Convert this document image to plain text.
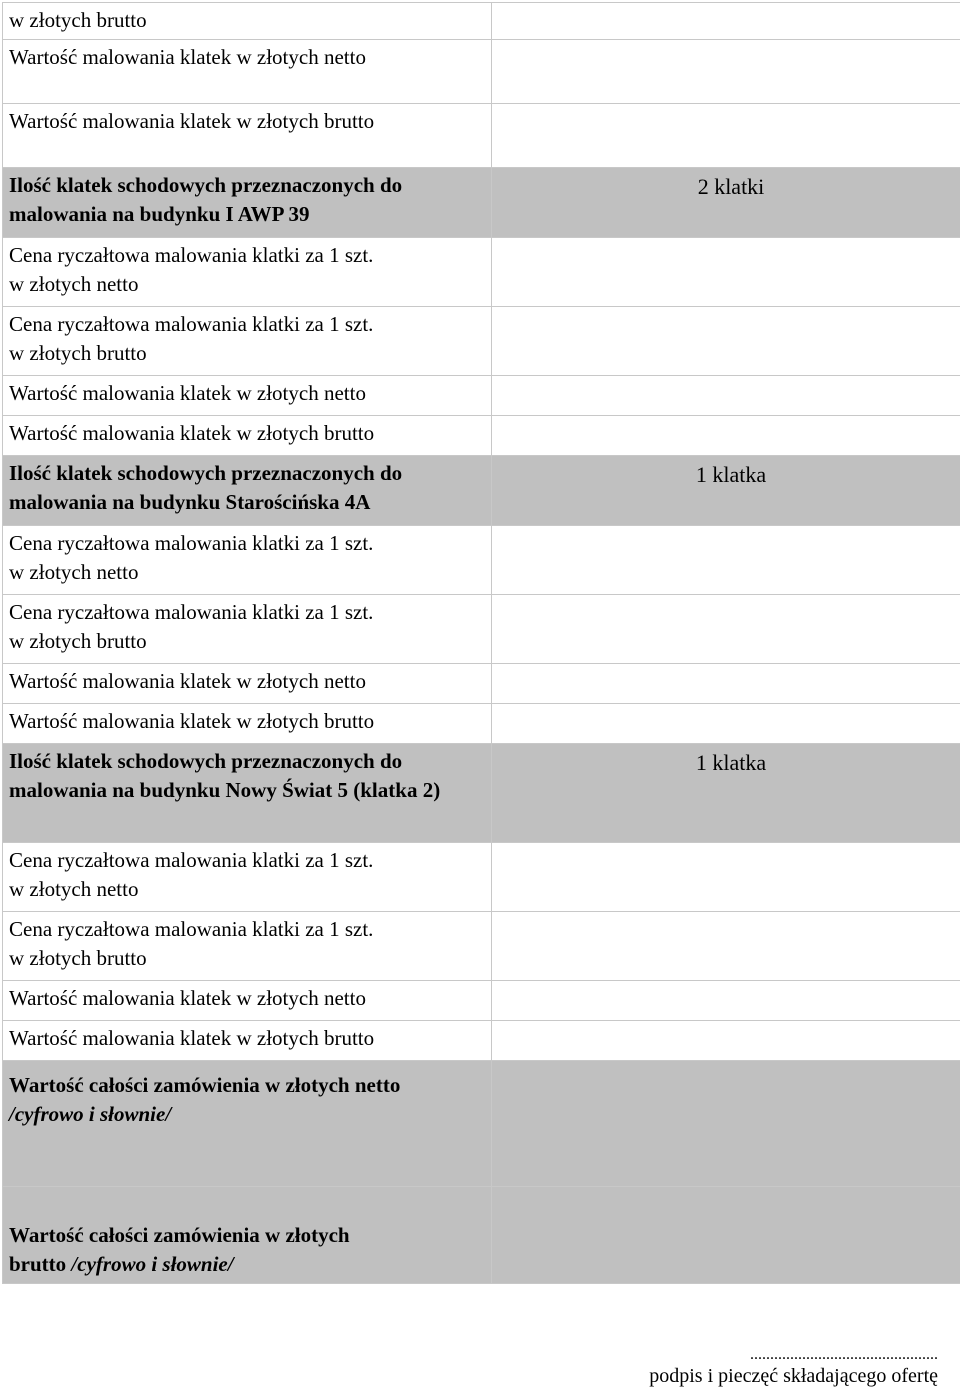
w złotych brutto	
Wartość malowania klatek w złotych netto	
Wartość malowania klatek w złotych brutto	
Ilość klatek schodowych przeznaczonych do malowania na budynku I AWP 39	2 klatki
Cena ryczałtowa malowania klatki za 1 szt.
w złotych netto	
Cena ryczałtowa malowania klatki za 1 szt.
w złotych brutto	
Wartość malowania klatek w złotych netto	
Wartość malowania klatek w złotych brutto	
Ilość klatek schodowych przeznaczonych do malowania na budynku Starościńska 4A	1 klatka
Cena ryczałtowa malowania klatki za 1 szt.
w złotych netto	
Cena ryczałtowa malowania klatki za 1 szt.
w złotych brutto	
Wartość malowania klatek w złotych netto	
Wartość malowania klatek w złotych brutto	
Ilość klatek schodowych przeznaczonych do malowania na budynku Nowy Świat 5 (klatka 2)	1 klatka
Cena ryczałtowa malowania klatki za 1 szt.
w złotych netto	
Cena ryczałtowa malowania klatki za 1 szt.
w złotych brutto	
Wartość malowania klatek w złotych netto	
Wartość malowania klatek w złotych brutto	
Wartość całości zamówienia w złotych netto
/cyfrowo i słownie/	
Wartość całości zamówienia w złotych
brutto /cyfrowo i słownie/	
...............................................
podpis i pieczęć składającego ofertę
